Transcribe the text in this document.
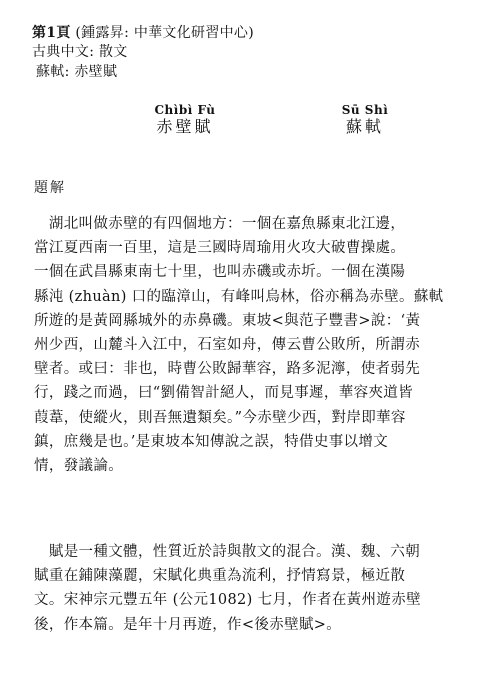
第1頁 (鍾露昇: 中華文化研習中心)
古典中文: 散文
蘇軾: 赤壁賦
Chìbì Fù
赤壁賦
Sū Shì
蘇軾
題解
　湖北叫做赤壁的有四個地方：一個在嘉魚縣東北江邊，
當江夏西南一百里，這是三國時周瑜用火攻大破曹操處。
一個在武昌縣東南七十里，也叫赤磯或赤圻。一個在漢陽
縣沌 (zhuàn) 口的臨漳山，有峰叫烏林，俗亦稱為赤壁。蘇軾
所遊的是黃岡縣城外的赤鼻磯。東坡<與范子豐書>說：‘黃
州少西，山麓斗入江中，石室如舟，傳云曹公敗所，所謂赤
壁者。或曰：非也，時曹公敗歸華容，路多泥濘，使者弱先
行，踐之而過，曰“劉備智計絕人，而見事遲，華容夾道皆
葭葦，使縱火，則吾無遺類矣。”今赤壁少西，對岸即華容
鎮，庶幾是也。’是東坡本知傳說之誤，特借史事以增文
情，發議論。
　賦是一種文體，性質近於詩與散文的混合。漢、魏、六朝
賦重在鋪陳藻麗，宋賦化典重為流利，抒情寫景，極近散
文。宋神宗元豐五年 (公元1082) 七月，作者在黃州遊赤壁
後，作本篇。是年十月再遊，作<後赤壁賦>。
